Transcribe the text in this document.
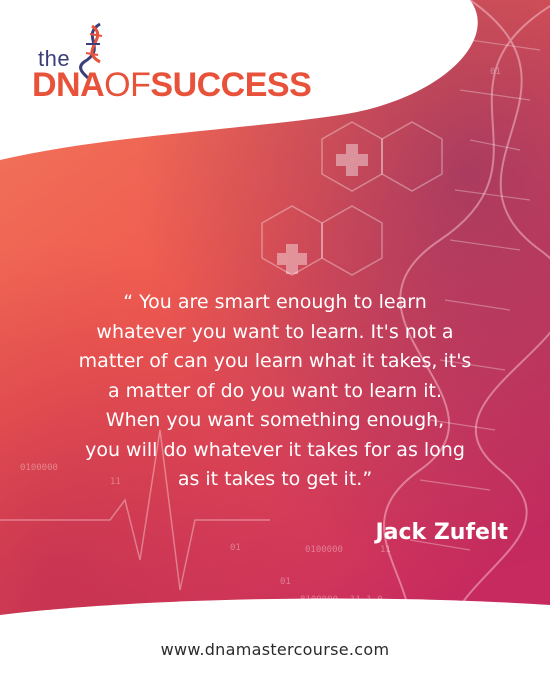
01
0100000
01	0100000	11
01
11
the
DNAOFSUCCESS
“ You are smart enough to learn
whatever you want to learn. It's not a
matter of can you learn what it takes, it's
a matter of do you want to learn it.
When you want something enough,
you will do whatever it takes for as long
as it takes to get it.”
Jack Zufelt
www.dnamastercourse.com
